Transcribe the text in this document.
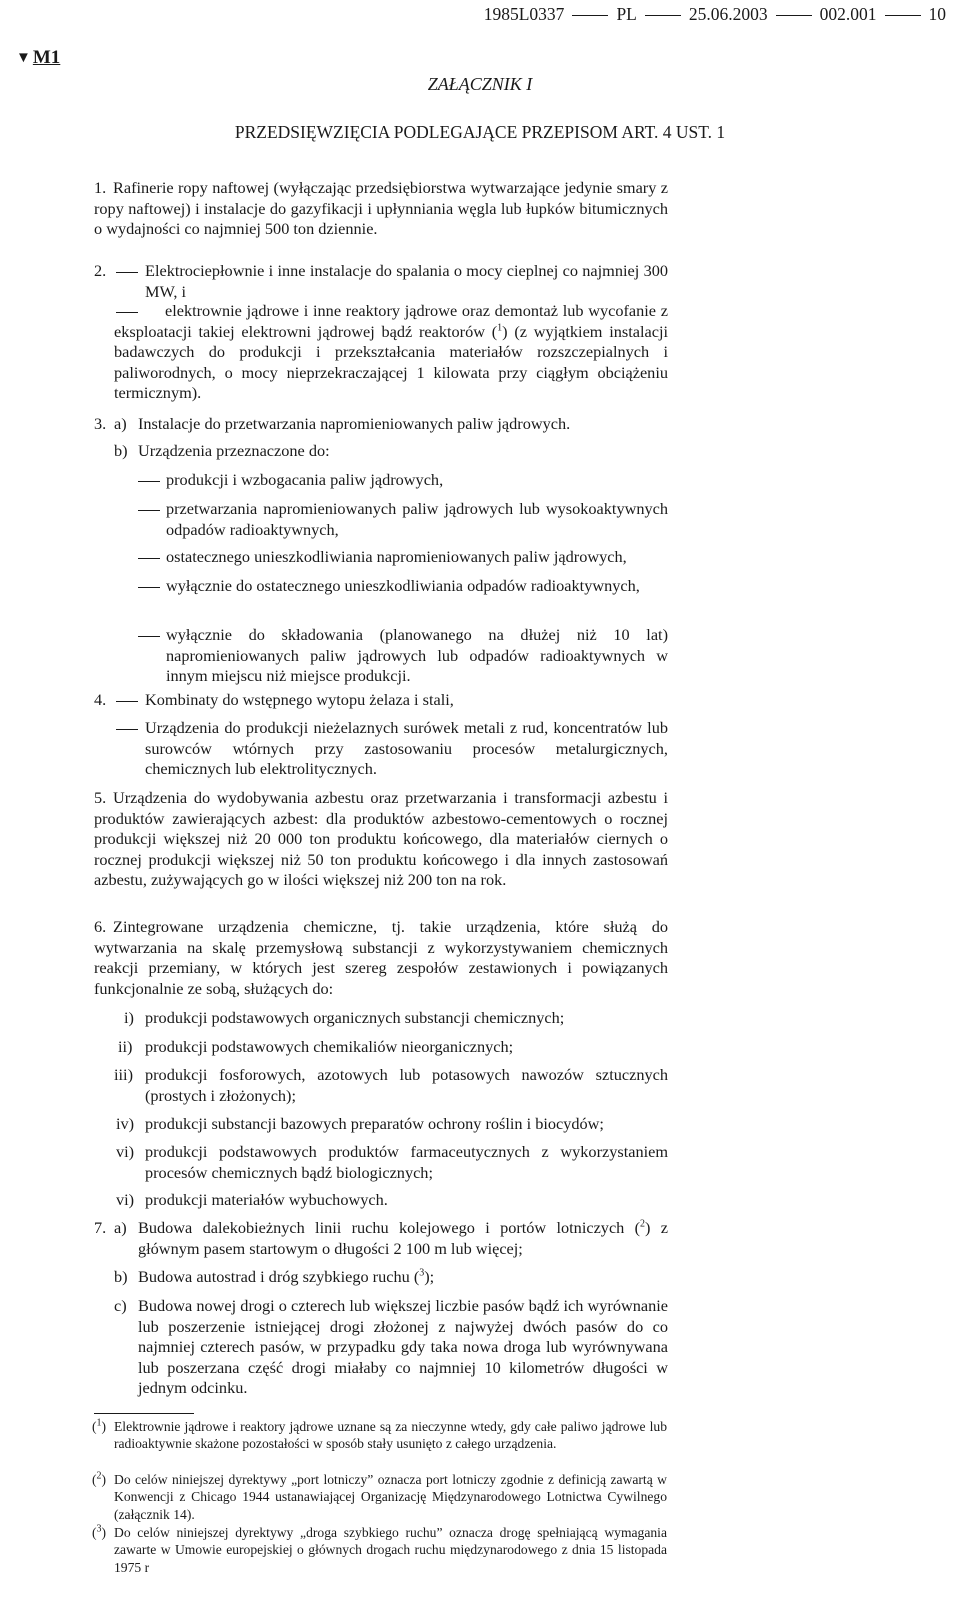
1985L0337	PL	25.06.2003	002.001	10
▼ M1
ZAŁĄCZNIK I
PRZEDSIĘWZIĘCIA PODLEGAJĄCE PRZEPISOM ART. 4 UST. 1
1. Rafinerie ropy naftowej (wyłączając przedsiębiorstwa wytwarzające jedynie smary z ropy naftowej) i instalacje do gazyfikacji i upłynniania węgla lub łupków bitumicznych o wydajności co najmniej 500 ton dziennie.
2. Elektrociepłownie i inne instalacje do spalania o mocy cieplnej co najmniej 300 MW, i
elektrownie jądrowe i inne reaktory jądrowe oraz demontaż lub wycofanie z eksploatacji takiej elektrowni jądrowej bądź reaktorów ($^1$) (z wyjątkiem instalacji badawczych do produkcji i przekształcania materiałów rozszczepialnych i paliworodnych, o mocy nieprzekraczającej 1 kilowata przy ciągłym obciążeniu termicznym).
3. a) Instalacje do przetwarzania napromieniowanych paliw jądrowych.
b) Urządzenia przeznaczone do:
produkcji i wzbogacania paliw jądrowych,
przetwarzania napromieniowanych paliw jądrowych lub wysokoaktywnych odpadów radioaktywnych,
ostatecznego unieszkodliwiania napromieniowanych paliw jądrowych,
wyłącznie do ostatecznego unieszkodliwiania odpadów radioaktywnych,
wyłącznie do składowania (planowanego na dłużej niż 10 lat) napromieniowanych paliw jądrowych lub odpadów radioaktywnych w innym miejscu niż miejsce produkcji.
4. Kombinaty do wstępnego wytopu żelaza i stali,
Urządzenia do produkcji nieżelaznych surówek metali z rud, koncentratów lub surowców wtórnych przy zastosowaniu procesów metalurgicznych, chemicznych lub elektrolitycznych.
5. Urządzenia do wydobywania azbestu oraz przetwarzania i transformacji azbestu i produktów zawierających azbest: dla produktów azbestowo-cementowych o rocznej produkcji większej niż 20 000 ton produktu końcowego, dla materiałów ciernych o rocznej produkcji większej niż 50 ton produktu końcowego i dla innych zastosowań azbestu, zużywających go w ilości większej niż 200 ton na rok.
6. Zintegrowane urządzenia chemiczne, tj. takie urządzenia, które służą do wytwarzania na skalę przemysłową substancji z wykorzystywaniem chemicznych reakcji przemiany, w których jest szereg zespołów zestawionych i powiązanych funkcjonalnie ze sobą, służących do:
i) produkcji podstawowych organicznych substancji chemicznych;
ii) produkcji podstawowych chemikaliów nieorganicznych;
iii) produkcji fosforowych, azotowych lub potasowych nawozów sztucznych (prostych i złożonych);
iv) produkcji substancji bazowych preparatów ochrony roślin i biocydów;
vi) produkcji podstawowych produktów farmaceutycznych z wykorzystaniem procesów chemicznych bądź biologicznych;
vi) produkcji materiałów wybuchowych.
7. a) Budowa dalekobieżnych linii ruchu kolejowego i portów lotniczych ($^2$) z głównym pasem startowym o długości 2 100 m lub więcej;
b) Budowa autostrad i dróg szybkiego ruchu ($^3$);
c) Budowa nowej drogi o czterech lub większej liczbie pasów bądź ich wyrównanie lub poszerzenie istniejącej drogi złożonej z najwyżej dwóch pasów do co najmniej czterech pasów, w przypadku gdy taka nowa droga lub wyrównywana lub poszerzana część drogi miałaby co najmniej 10 kilometrów długości w jednym odcinku.
($^1$) Elektrownie jądrowe i reaktory jądrowe uznane są za nieczynne wtedy, gdy całe paliwo jądrowe lub radioaktywnie skażone pozostałości w sposób stały usunięto z całego urządzenia.
($^2$) Do celów niniejszej dyrektywy „port lotniczy” oznacza port lotniczy zgodnie z definicją zawartą w Konwencji z Chicago 1944 ustanawiającej Organizację Międzynarodowego Lotnictwa Cywilnego (załącznik 14).
($^3$) Do celów niniejszej dyrektywy „droga szybkiego ruchu” oznacza drogę spełniającą wymagania zawarte w Umowie europejskiej o głównych drogach ruchu międzynarodowego z dnia 15 listopada 1975 r
